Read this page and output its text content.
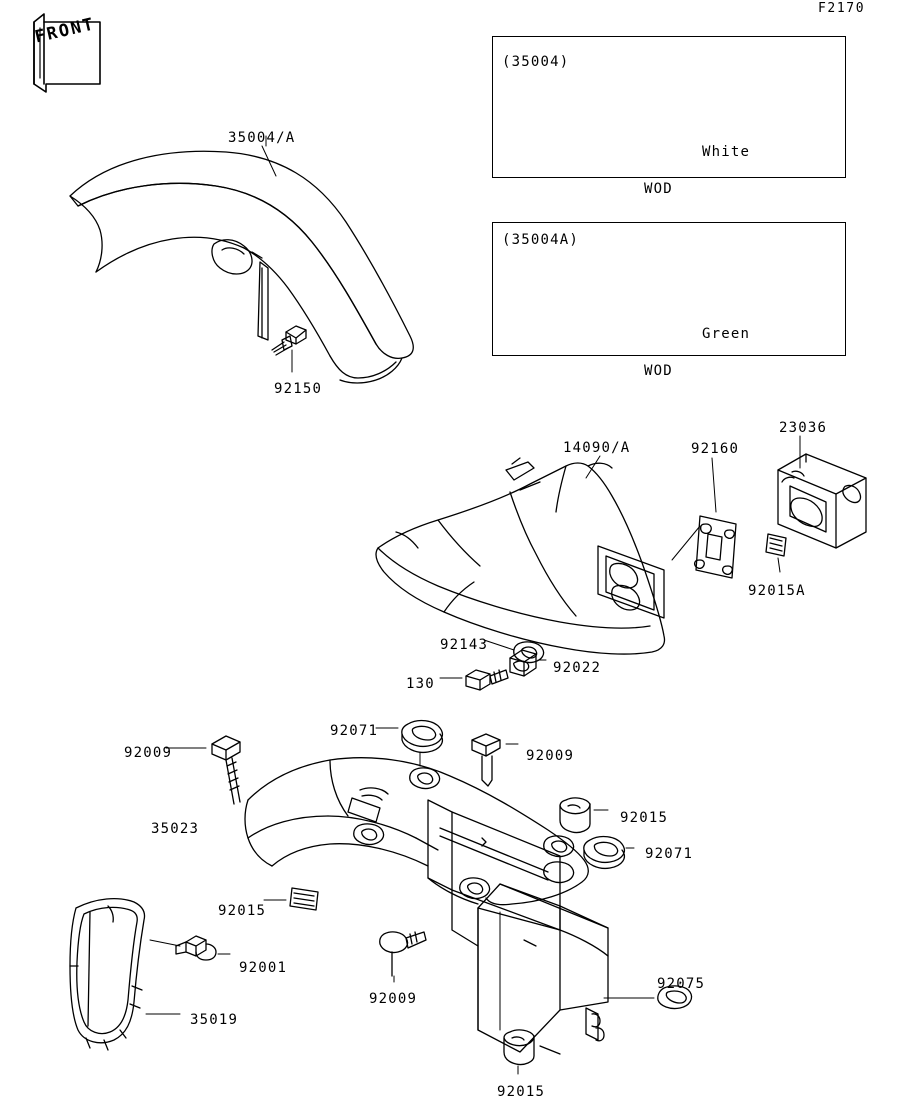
F2170
FRONT
(35004)
White
WOD
(35004A)
Green
WOD
35004/A
92150
14090/A
23036
92160
92015A
92143
92022
130
92071
92009	92009
35023
92015
92071
92015
92001
92009
92075
35019
92015
